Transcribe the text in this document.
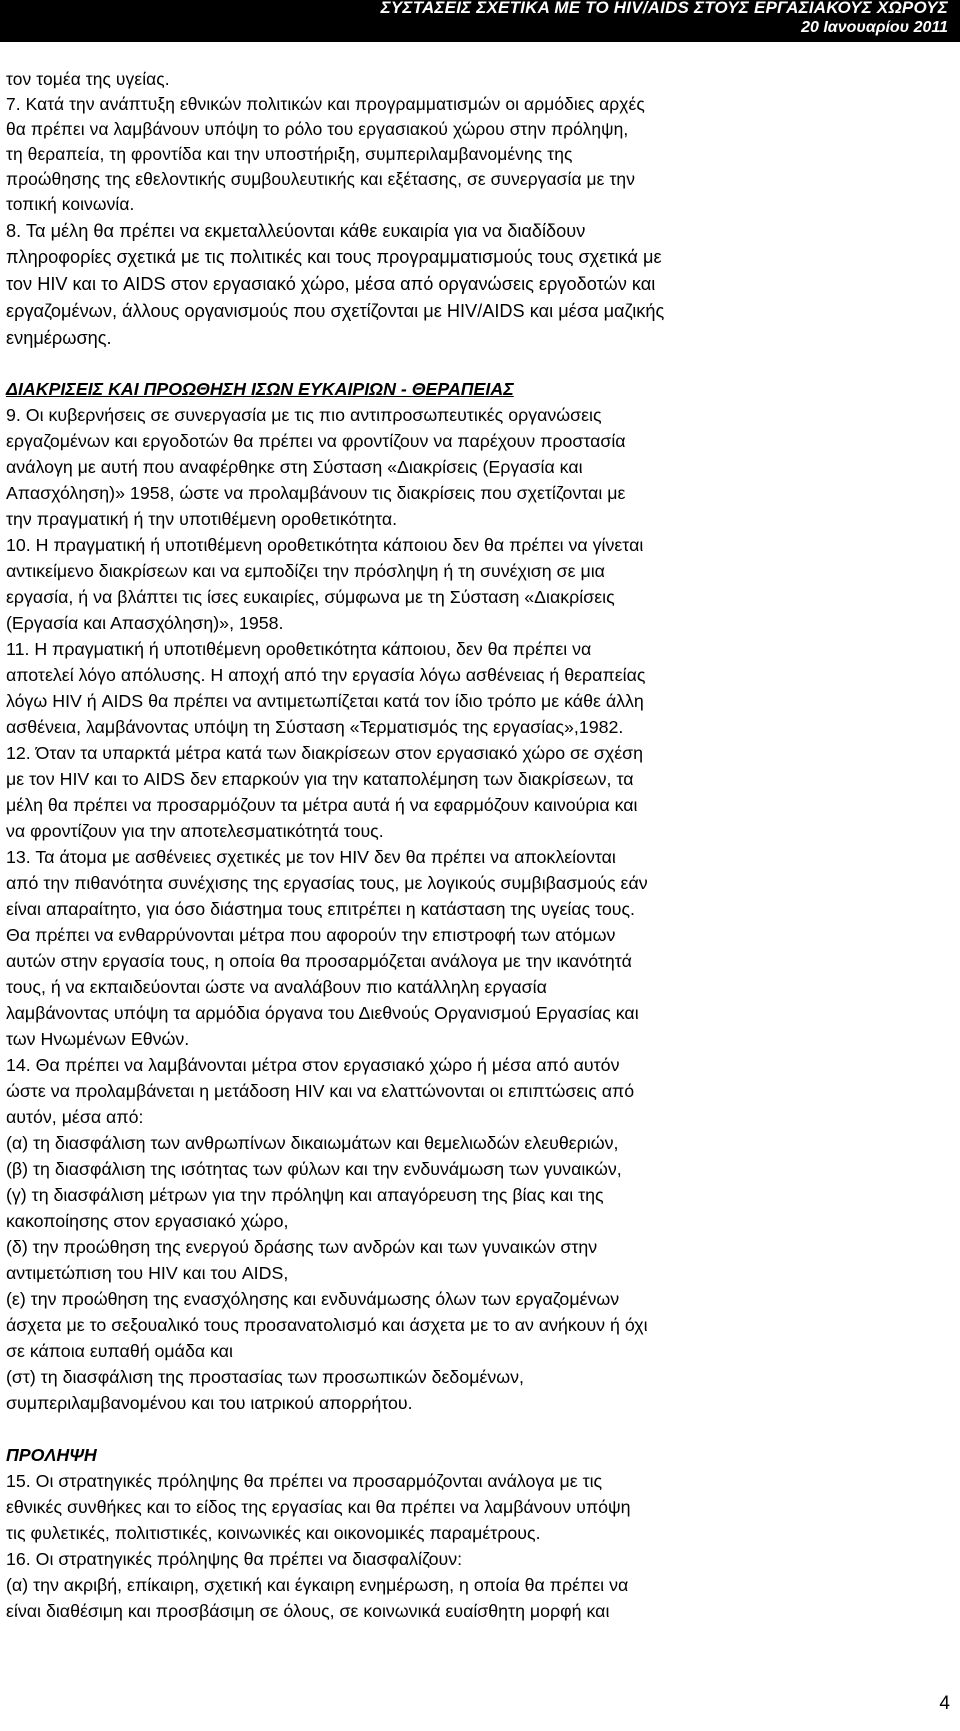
ΣΥΣΤΑΣΕΙΣ ΣΧΕΤΙΚΑ ΜΕ ΤΟ HIV/AIDS ΣΤΟΥΣ ΕΡΓΑΣΙΑΚΟΥΣ ΧΩΡΟΥΣ
20 Ιανουαρίου 2011
τον τομέα της υγείας.
7. Κατά την ανάπτυξη εθνικών πολιτικών και προγραμματισμών οι αρμόδιες αρχές
θα πρέπει να λαμβάνουν υπόψη το ρόλο του εργασιακού χώρου στην πρόληψη,
τη θεραπεία, τη φροντίδα και την υποστήριξη, συμπεριλαμβανομένης της
προώθησης της εθελοντικής συμβουλευτικής και εξέτασης, σε συνεργασία με την
τοπική κοινωνία.
8. Τα μέλη θα πρέπει να εκμεταλλεύονται κάθε ευκαιρία για να διαδίδουν
πληροφορίες σχετικά με τις πολιτικές και τους προγραμματισμούς τους σχετικά με
τον HIV και το AIDS στον εργασιακό χώρο, μέσα από οργανώσεις εργοδοτών και
εργαζομένων, άλλους οργανισμούς που σχετίζονται με HIV/AIDS και μέσα μαζικής
ενημέρωσης.
ΔΙΑΚΡΙΣΕΙΣ ΚΑΙ ΠΡΟΩΘΗΣΗ ΙΣΩΝ ΕΥΚΑΙΡΙΩΝ - ΘΕΡΑΠΕΙΑΣ
9. Οι κυβερνήσεις σε συνεργασία με τις πιο αντιπροσωπευτικές οργανώσεις
εργαζομένων και εργοδοτών θα πρέπει να φροντίζουν να παρέχουν προστασία
ανάλογη με αυτή που αναφέρθηκε στη Σύσταση «Διακρίσεις (Εργασία και
Απασχόληση)» 1958, ώστε να προλαμβάνουν τις διακρίσεις που σχετίζονται με
την πραγματική ή την υποτιθέμενη οροθετικότητα.
10. Η πραγματική ή υποτιθέμενη οροθετικότητα κάποιου δεν θα πρέπει να γίνεται
αντικείμενο διακρίσεων και να εμποδίζει την πρόσληψη ή τη συνέχιση σε μια
εργασία, ή να βλάπτει τις ίσες ευκαιρίες, σύμφωνα με τη Σύσταση «Διακρίσεις
(Εργασία και Απασχόληση)», 1958.
11. Η πραγματική ή υποτιθέμενη οροθετικότητα κάποιου, δεν θα πρέπει να
αποτελεί λόγο απόλυσης. Η αποχή από την εργασία λόγω ασθένειας ή θεραπείας
λόγω HIV ή AIDS θα πρέπει να αντιμετωπίζεται κατά τον ίδιο τρόπο με κάθε άλλη
ασθένεια, λαμβάνοντας υπόψη τη Σύσταση «Τερματισμός της εργασίας»,1982.
12. Όταν τα υπαρκτά μέτρα κατά των διακρίσεων στον εργασιακό χώρο σε σχέση
με τον HIV και το AIDS δεν επαρκούν για την καταπολέμηση των διακρίσεων, τα
μέλη θα πρέπει να προσαρμόζουν τα μέτρα αυτά ή να εφαρμόζουν καινούρια και
να φροντίζουν για την αποτελεσματικότητά τους.
13. Τα άτομα με ασθένειες σχετικές με τον HIV δεν θα πρέπει να αποκλείονται
από την πιθανότητα συνέχισης της εργασίας τους, με λογικούς συμβιβασμούς εάν
είναι απαραίτητο, για όσο διάστημα τους επιτρέπει η κατάσταση της υγείας τους.
Θα πρέπει να ενθαρρύνονται μέτρα που αφορούν την επιστροφή των ατόμων
αυτών στην εργασία τους, η οποία θα προσαρμόζεται ανάλογα με την ικανότητά
τους, ή να εκπαιδεύονται ώστε να αναλάβουν πιο κατάλληλη εργασία
λαμβάνοντας υπόψη τα αρμόδια όργανα του Διεθνούς Οργανισμού Εργασίας και
των Ηνωμένων Εθνών.
14. Θα πρέπει να λαμβάνονται μέτρα στον εργασιακό χώρο ή μέσα από αυτόν
ώστε να προλαμβάνεται η μετάδοση HIV και να ελαττώνονται οι επιπτώσεις από
αυτόν, μέσα από:
(α) τη διασφάλιση των ανθρωπίνων δικαιωμάτων και θεμελιωδών ελευθεριών,
(β) τη διασφάλιση της ισότητας των φύλων και την ενδυνάμωση των γυναικών,
(γ) τη διασφάλιση μέτρων για την πρόληψη και απαγόρευση της βίας και της
κακοποίησης στον εργασιακό χώρο,
(δ) την προώθηση της ενεργού δράσης των ανδρών και των γυναικών στην
αντιμετώπιση του HIV και του AIDS,
(ε) την προώθηση της ενασχόλησης και ενδυνάμωσης όλων των εργαζομένων
άσχετα με το σεξουαλικό τους προσανατολισμό και άσχετα με το αν ανήκουν ή όχι
σε κάποια ευπαθή ομάδα και
(στ) τη διασφάλιση της προστασίας των προσωπικών δεδομένων,
συμπεριλαμβανομένου και του ιατρικού απορρήτου.
ΠΡΟΛΗΨΗ
15. Οι στρατηγικές πρόληψης θα πρέπει να προσαρμόζονται ανάλογα με τις
εθνικές συνθήκες και το είδος της εργασίας και θα πρέπει να λαμβάνουν υπόψη
τις φυλετικές, πολιτιστικές, κοινωνικές και οικονομικές παραμέτρους.
16. Οι στρατηγικές πρόληψης θα πρέπει να διασφαλίζουν:
(α) την ακριβή, επίκαιρη, σχετική και έγκαιρη ενημέρωση, η οποία θα πρέπει να
είναι διαθέσιμη και προσβάσιμη σε όλους, σε κοινωνικά ευαίσθητη μορφή και
4
